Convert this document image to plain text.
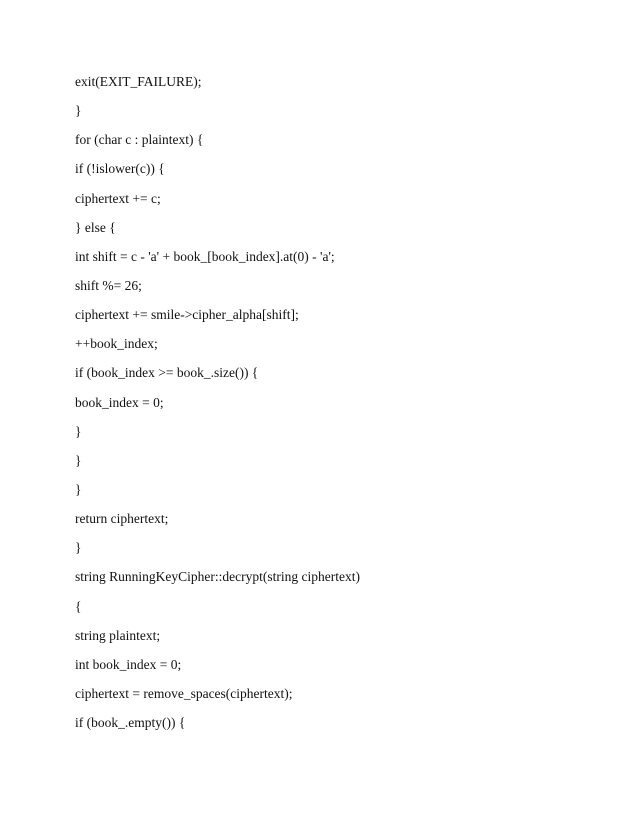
exit(EXIT_FAILURE);
}
for (char c : plaintext) {
if (!islower(c)) {
ciphertext += c;
} else {
int shift = c - 'a' + book_[book_index].at(0) - 'a';
shift %= 26;
ciphertext += smile->cipher_alpha[shift];
++book_index;
if (book_index >= book_.size()) {
book_index = 0;
}
}
}
return ciphertext;
}
string RunningKeyCipher::decrypt(string ciphertext)
{
string plaintext;
int book_index = 0;
ciphertext = remove_spaces(ciphertext);
if (book_.empty()) {
